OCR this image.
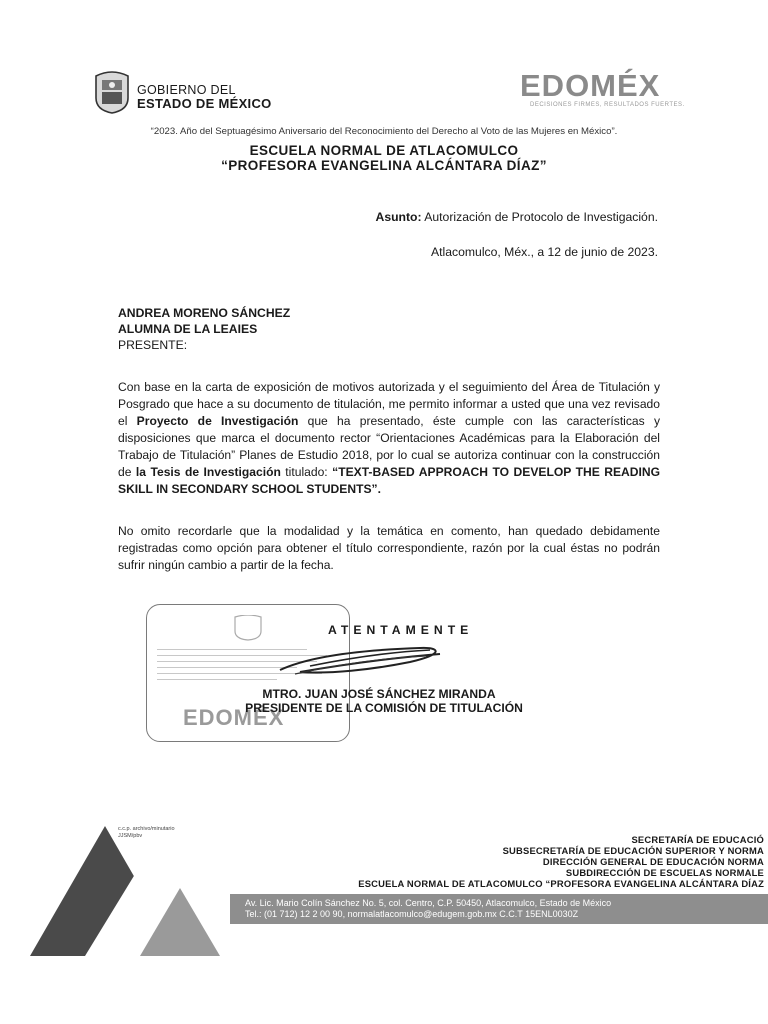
GOBIERNO DEL
ESTADO DE MÉXICO
EDOMÉX
DECISIONES FIRMES, RESULTADOS FUERTES.
“2023. Año del Septuagésimo Aniversario del Reconocimiento del Derecho al Voto de las Mujeres en México”.
ESCUELA NORMAL DE ATLACOMULCO
“PROFESORA EVANGELINA ALCÁNTARA DÍAZ”
Asunto: Autorización de Protocolo de Investigación.
Atlacomulco, Méx., a 12 de junio de 2023.
ANDREA MORENO SÁNCHEZ
ALUMNA DE LA LEAIES
PRESENTE:
Con base en la carta de exposición de motivos autorizada y el seguimiento del Área de Titulación y Posgrado que hace a su documento de titulación, me permito informar a usted que una vez revisado el Proyecto de Investigación que ha presentado, éste cumple con las características y disposiciones que marca el documento rector “Orientaciones Académicas para la Elaboración del Trabajo de Titulación” Planes de Estudio 2018, por lo cual se autoriza continuar con la construcción de la Tesis de Investigación titulado: “TEXT-BASED APPROACH TO DEVELOP THE READING SKILL IN SECONDARY SCHOOL STUDENTS”.
No omito recordarle que la modalidad y la temática en comento, han quedado debidamente registradas como opción para obtener el título correspondiente, razón por la cual éstas no podrán sufrir ningún cambio a partir de la fecha.
EDOMÉX
ATENTAMENTE
MTRO. JUAN JOSÉ SÁNCHEZ MIRANDA
PRESIDENTE DE LA COMISIÓN DE TITULACIÓN
c.c.p. archivo/minutario
JJSM/pbv
Av. Lic. Mario Colín Sánchez No. 5, col. Centro, C.P. 50450, Atlacomulco, Estado de México
Tel.: (01 712) 12 2 00 90, normalatlacomulco@edugem.gob.mx C.C.T 15ENL0030Z
SECRETARÍA DE EDUCACIÓ
SUBSECRETARÍA DE EDUCACIÓN SUPERIOR Y NORMA
DIRECCIÓN GENERAL DE EDUCACIÓN NORMA
SUBDIRECCIÓN DE ESCUELAS NORMALE
ESCUELA NORMAL DE ATLACOMULCO “PROFESORA EVANGELINA ALCÁNTARA DÍAZ
